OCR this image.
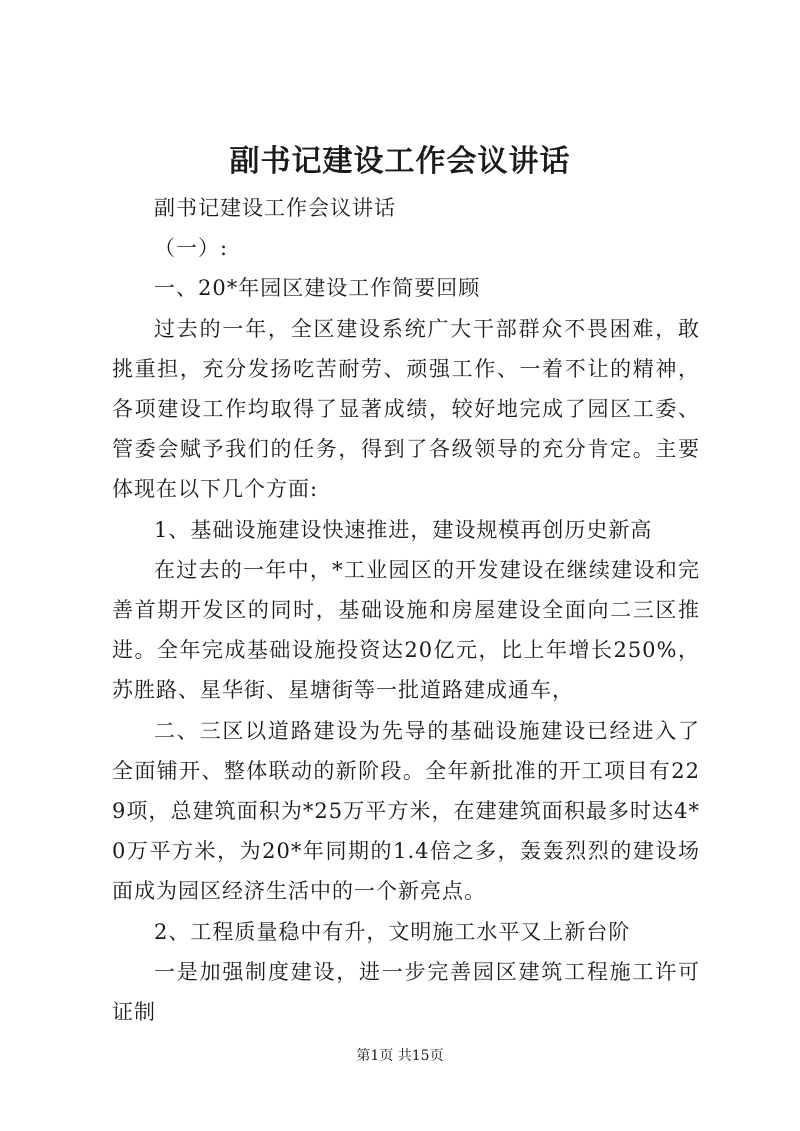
副书记建设工作会议讲话

副书记建设工作会议讲话

（一）:

一、20*年园区建设工作简要回顾

过去的一年，全区建设系统广大干部群众不畏困难，敢挑重担，充分发扬吃苦耐劳、顽强工作、一着不让的精神，各项建设工作均取得了显著成绩，较好地完成了园区工委、管委会赋予我们的任务，得到了各级领导的充分肯定。主要体现在以下几个方面:

1、基础设施建设快速推进，建设规模再创历史新高

在过去的一年中，*工业园区的开发建设在继续建设和完善首期开发区的同时，基础设施和房屋建设全面向二三区推进。全年完成基础设施投资达20亿元，比上年增长250%，苏胜路、星华街、星塘街等一批道路建成通车，

二、三区以道路建设为先导的基础设施建设已经进入了全面铺开、整体联动的新阶段。全年新批准的开工项目有229项，总建筑面积为*25万平方米，在建建筑面积最多时达4*0万平方米，为20*年同期的1.4倍之多，轰轰烈烈的建设场面成为园区经济生活中的一个新亮点。

2、工程质量稳中有升，文明施工水平又上新台阶

一是加强制度建设，进一步完善园区建筑工程施工许可证制

第1页 共15页
